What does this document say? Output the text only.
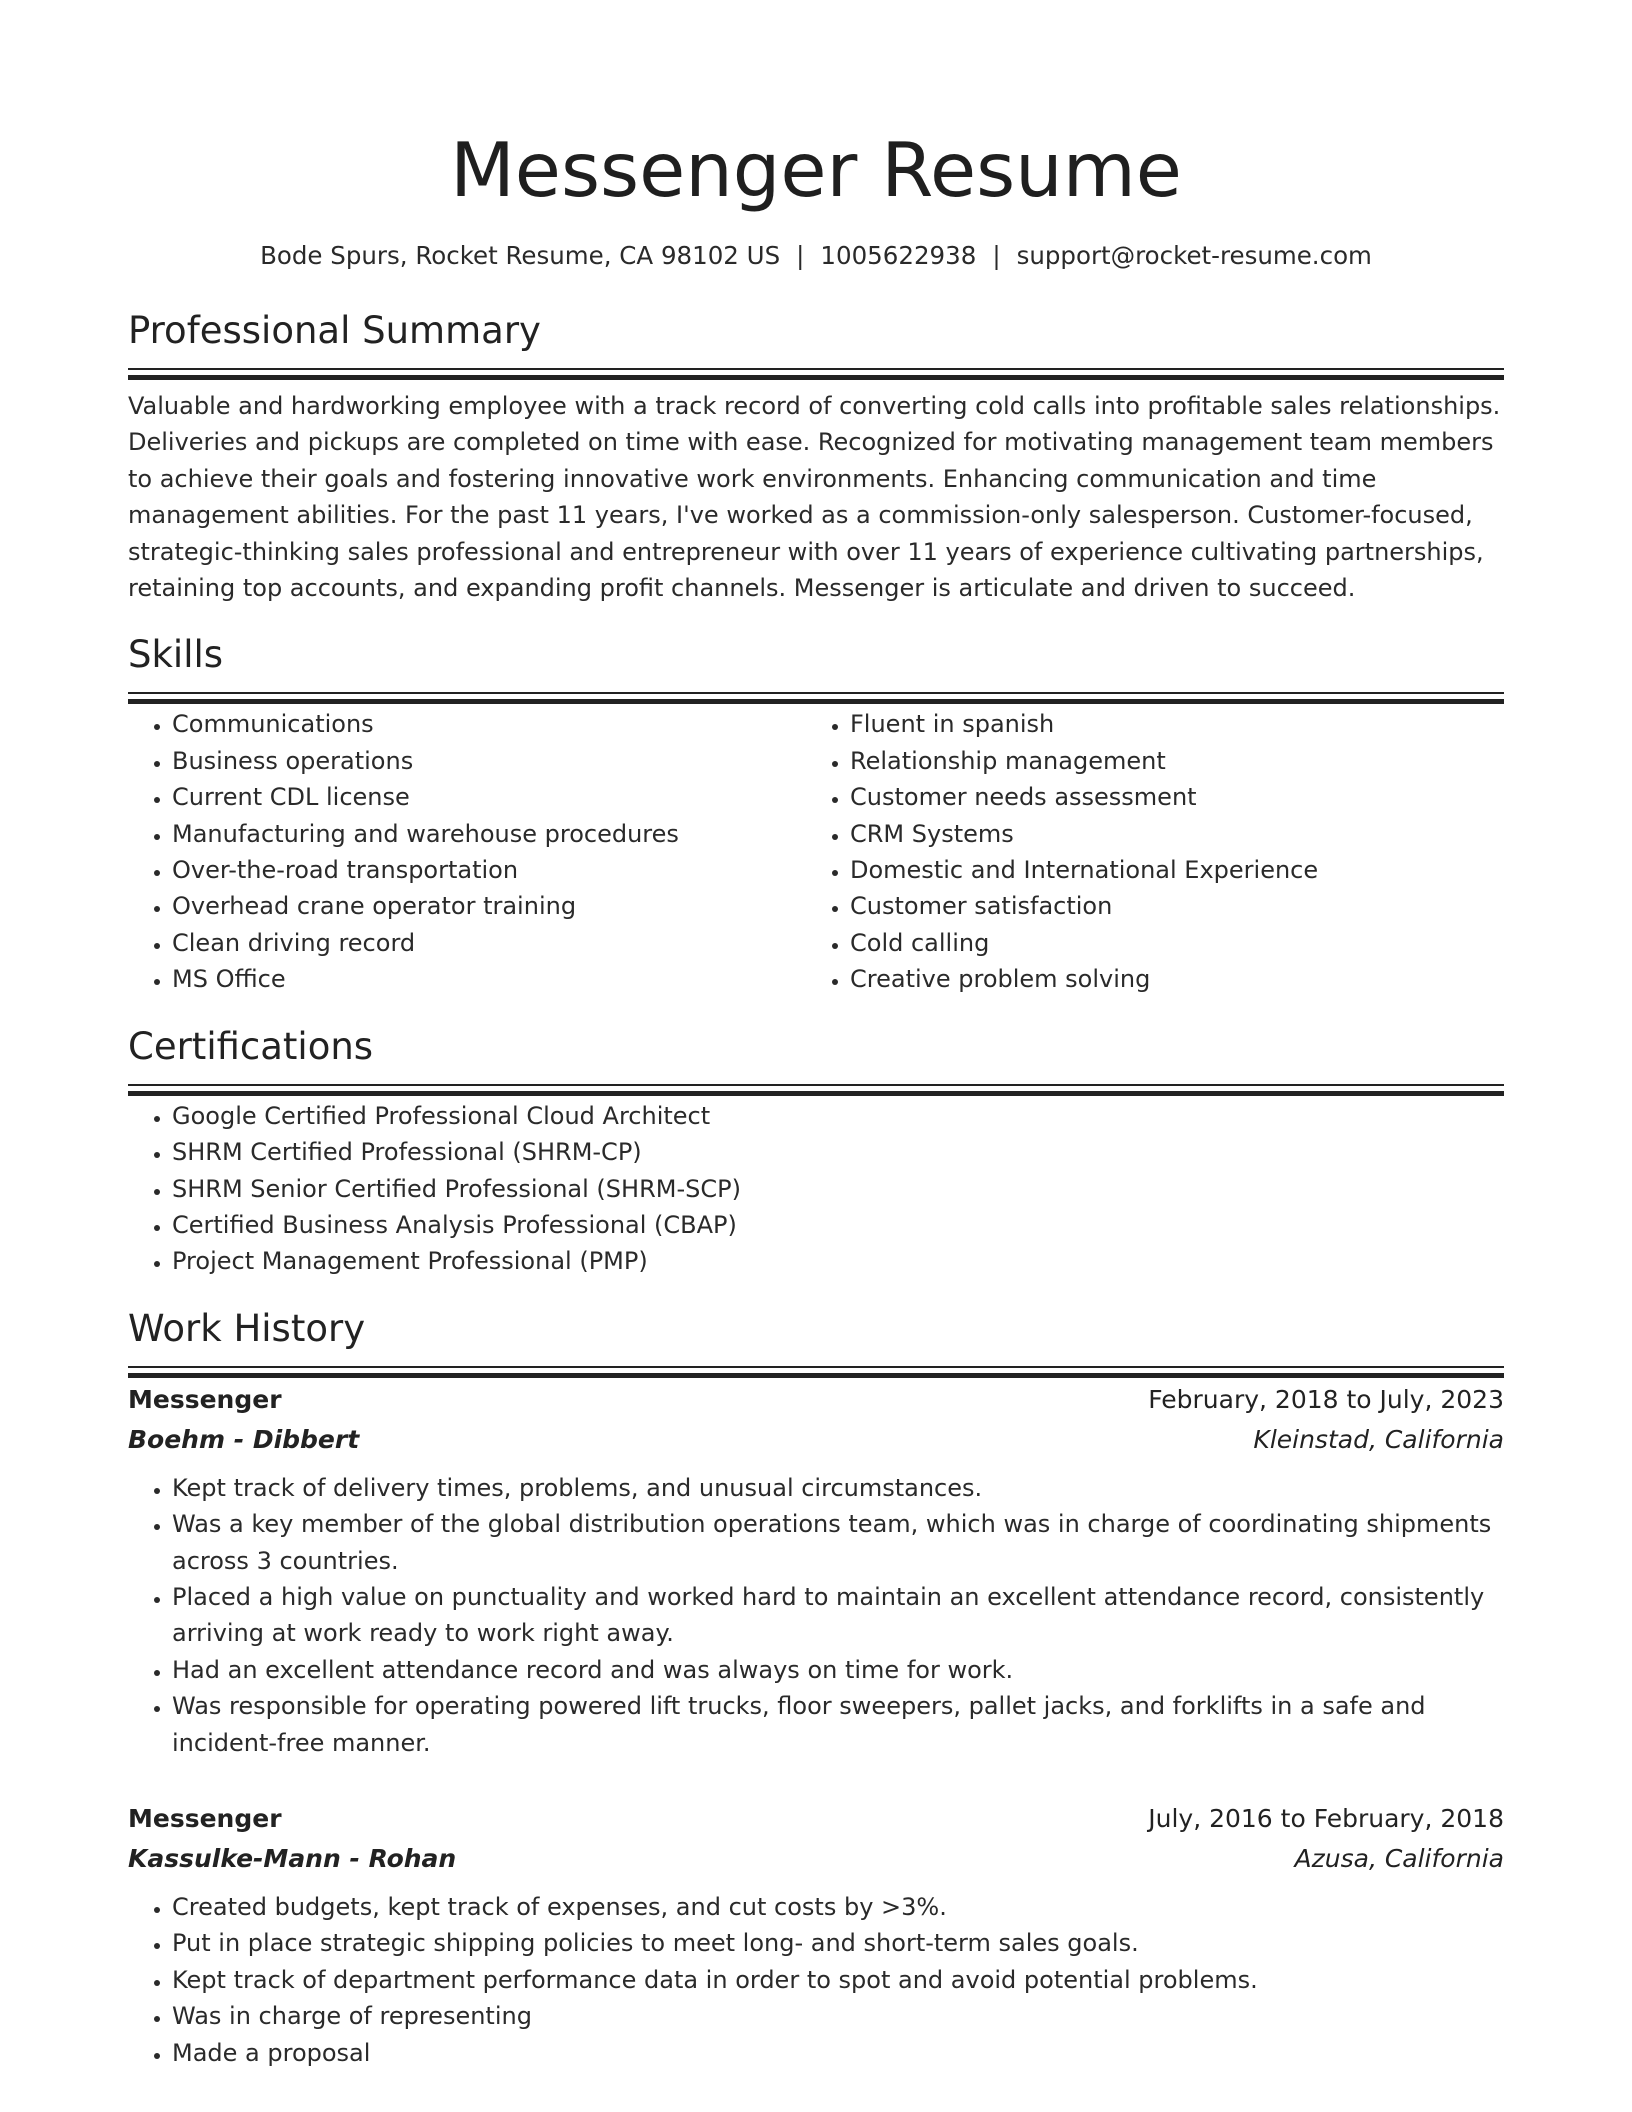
Messenger Resume
Bode Spurs, Rocket Resume, CA 98102 US | 1005622938 | support@rocket-resume.com
Professional Summary

Valuable and hardworking employee with a track record of converting cold calls into profitable sales relationships. Deliveries and pickups are completed on time with ease. Recognized for motivating management team members to achieve their goals and fostering innovative work environments. Enhancing communication and time management abilities. For the past 11 years, I've worked as a commission-only salesperson. Customer-focused, strategic-thinking sales professional and entrepreneur with over 11 years of experience cultivating partnerships, retaining top accounts, and expanding profit channels. Messenger is articulate and driven to succeed.

Skills
• Communications
• Business operations
• Current CDL license
• Manufacturing and warehouse procedures
• Over-the-road transportation
• Overhead crane operator training
• Clean driving record
• MS Office
• Fluent in spanish
• Relationship management
• Customer needs assessment
• CRM Systems
• Domestic and International Experience
• Customer satisfaction
• Cold calling
• Creative problem solving
Certifications
• Google Certified Professional Cloud Architect
• SHRM Certified Professional (SHRM-CP)
• SHRM Senior Certified Professional (SHRM-SCP)
• Certified Business Analysis Professional (CBAP)
• Project Management Professional (PMP)
Work History
Messenger	February, 2018 to July, 2023
Boehm - Dibbert	Kleinstad, California
• Kept track of delivery times, problems, and unusual circumstances.
• Was a key member of the global distribution operations team, which was in charge of coordinating shipments across 3 countries.
• Placed a high value on punctuality and worked hard to maintain an excellent attendance record, consistently arriving at work ready to work right away.
• Had an excellent attendance record and was always on time for work.
• Was responsible for operating powered lift trucks, floor sweepers, pallet jacks, and forklifts in a safe and incident-free manner.
Messenger	July, 2016 to February, 2018
Kassulke-Mann - Rohan	Azusa, California
• Created budgets, kept track of expenses, and cut costs by >3%.
• Put in place strategic shipping policies to meet long- and short-term sales goals.
• Kept track of department performance data in order to spot and avoid potential problems.
• Was in charge of representing
• Made a proposal
